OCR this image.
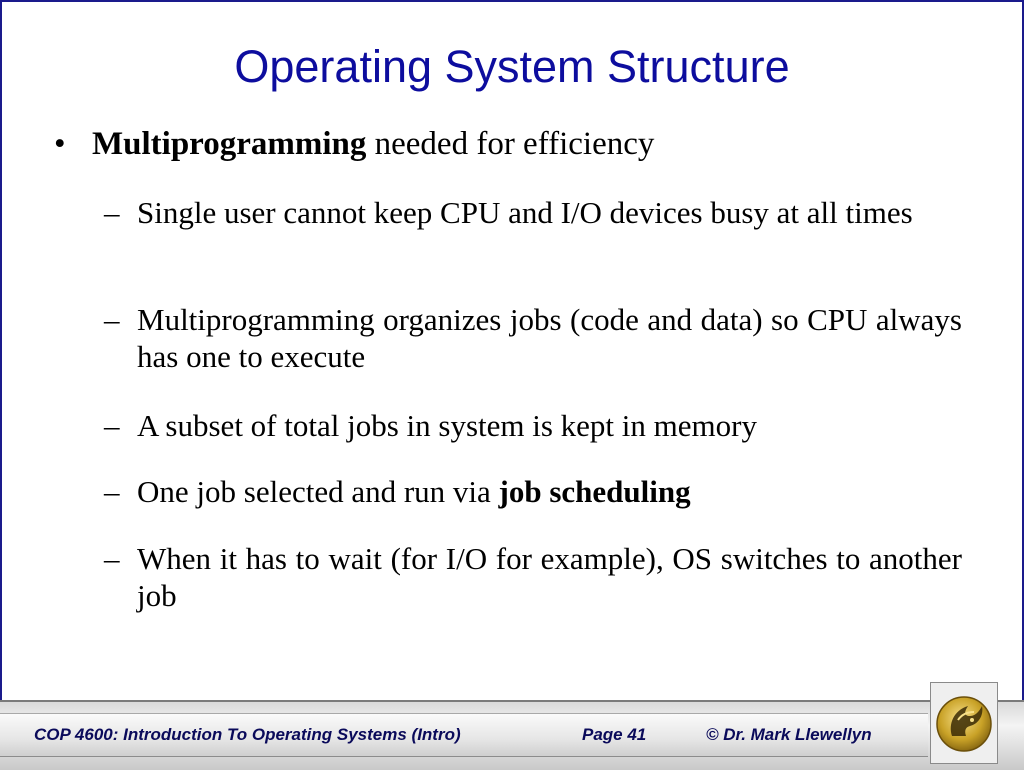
Operating System Structure
• Multiprogramming needed for efficiency
– Single user cannot keep CPU and I/O devices busy at all times
– Multiprogramming organizes jobs (code and data) so CPU always has one to execute
– A subset of total jobs in system is kept in memory
– One job selected and run via job scheduling
– When it has to wait (for I/O for example), OS switches to another job
COP 4600: Introduction To Operating Systems (Intro)	Page 41	© Dr. Mark Llewellyn
